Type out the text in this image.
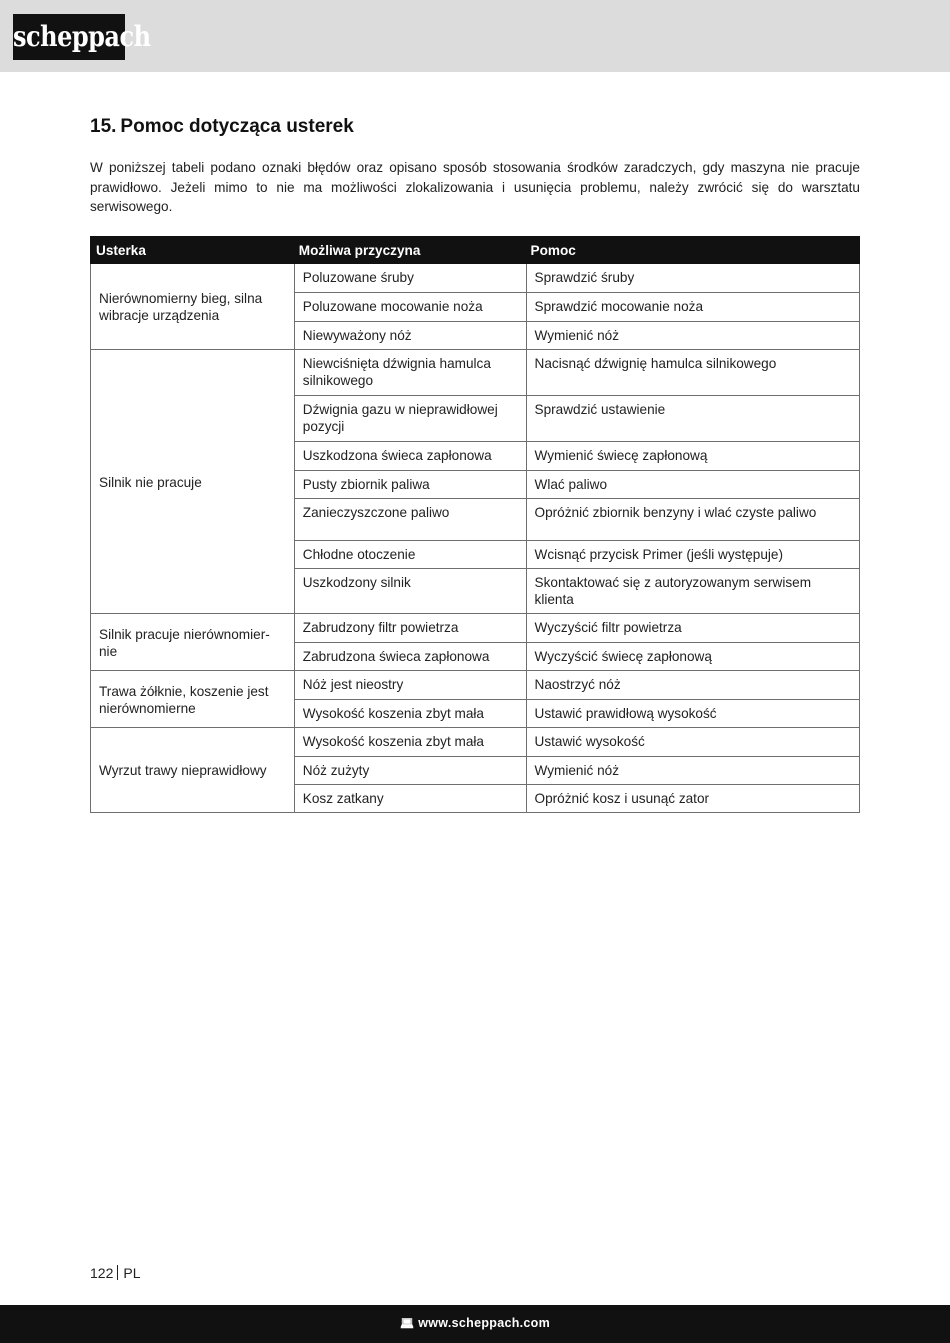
scheppach
15. Pomoc dotycząca usterek

W poniższej tabeli podano oznaki błędów oraz opisano sposób stosowania środków zaradczych, gdy maszyna nie pracuje prawidłowo. Jeżeli mimo to nie ma możliwości zlokalizowania i usunięcia problemu, należy zwrócić się do warsztatu serwisowego.

Usterka	Możliwa przyczyna	Pomoc
Nierównomierny bieg, silna wibracje urządzenia	Poluzowane śruby	Sprawdzić śruby
	Poluzowane mocowanie noża	Sprawdzić mocowanie noża
	Niewyważony nóż	Wymienić nóż
Silnik nie pracuje	Niewciśnięta dźwignia hamulca silnikowego	Nacisnąć dźwignię hamulca silnikowego
	Dźwignia gazu w nieprawidłowej pozycji	Sprawdzić ustawienie
	Uszkodzona świeca zapłonowa	Wymienić świecę zapłonową
	Pusty zbiornik paliwa	Wlać paliwo
	Zanieczyszczone paliwo	Opróżnić zbiornik benzyny i wlać czyste paliwo
	Chłodne otoczenie	Wcisnąć przycisk Primer (jeśli występuje)
	Uszkodzony silnik	Skontaktować się z autoryzowanym serwisem klienta
Silnik pracuje nierównomier-nie	Zabrudzony filtr powietrza	Wyczyścić filtr powietrza
	Zabrudzona świeca zapłonowa	Wyczyścić świecę zapłonową
Trawa żółknie, koszenie jest nierównomierne	Nóż jest nieostry	Naostrzyć nóż
	Wysokość koszenia zbyt mała	Ustawić prawidłową wysokość
Wyrzut trawy nieprawidłowy	Wysokość koszenia zbyt mała	Ustawić wysokość
	Nóż zużyty	Wymienić nóż
	Kosz zatkany	Opróżnić kosz i usunąć zator
122 PL
💻︎ www.scheppach.com
